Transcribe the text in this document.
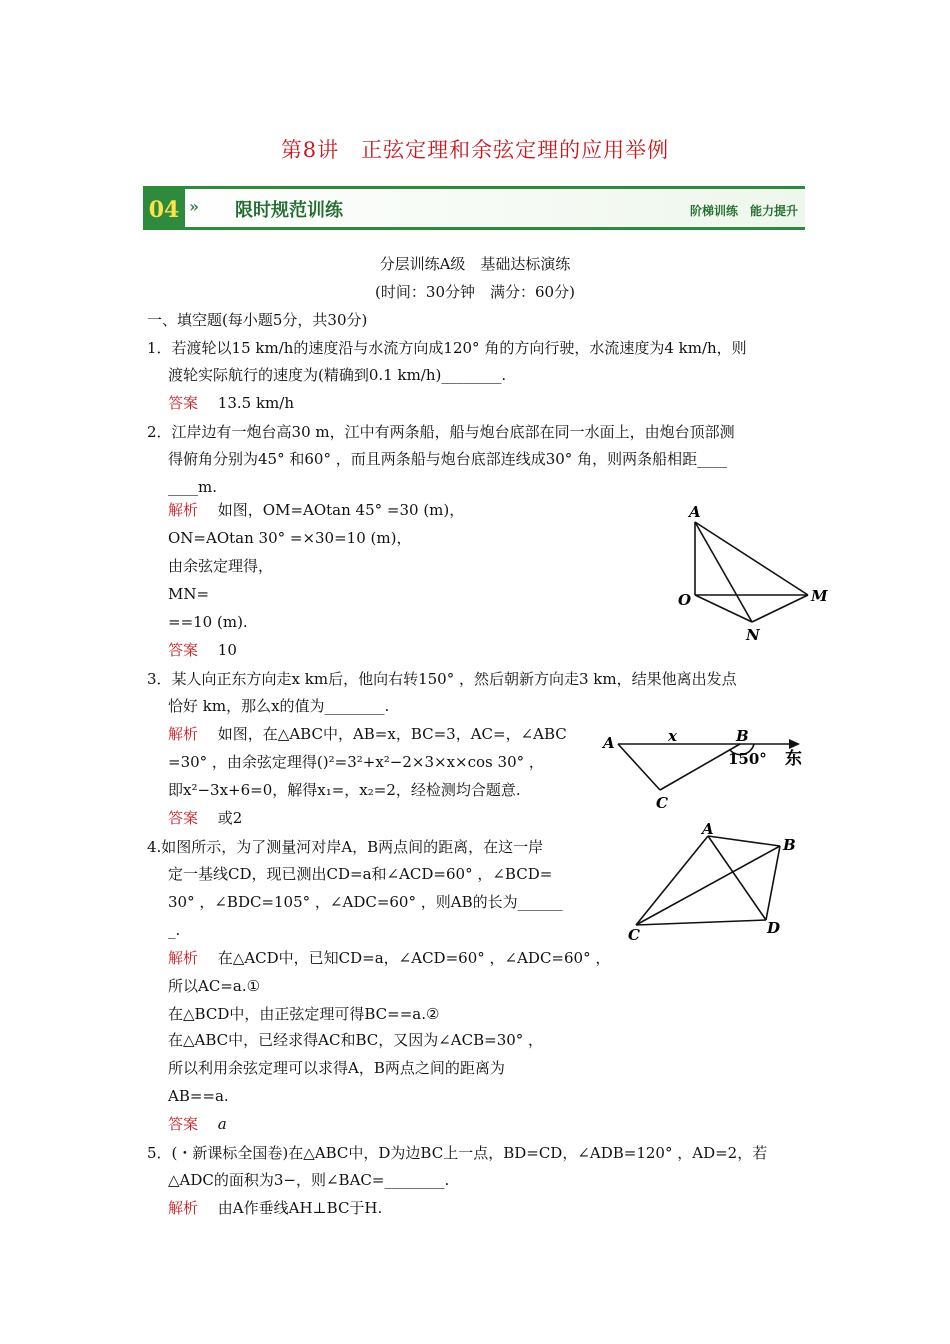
第8讲　正弦定理和余弦定理的应用举例
04 » 限时规范训练	阶梯训练　能力提升
分层训练A级　基础达标演练
(时间：30分钟　满分：60分)
一、填空题(每小题5分，共30分)
1．若渡轮以15 km/h的速度沿与水流方向成120° 角的方向行驶，水流速度为4 km/h，则
渡轮实际航行的速度为(精确到0.1 km/h)________.
答案　 13.5 km/h
2．江岸边有一炮台高30 m，江中有两条船，船与炮台底部在同一水面上，由炮台顶部测
得俯角分别为45° 和60° ，而且两条船与炮台底部连线成30° 角，则两条船相距____
____m.
解析　 如图，OM=AOtan 45° =30 (m)，
ON=AOtan 30° =×30=10 (m)，
由余弦定理得，
MN=
==10 (m).
答案　 10
A
O	M
N
3．某人向正东方向走x km后，他向右转150° ，然后朝新方向走3 km，结果他离出发点
恰好 km，那么x的值为________.
解析　 如图，在△ABC中，AB=x，BC=3，AC=，∠ABC
=30° ，由余弦定理得()²=3²+x²−2×3×x×cos 30° ，
即x²−3x+6=0，解得x₁=，x₂=2，经检测均合题意.
答案　 或2
A	x	B
150° 东
C
4.如图所示，为了测量河对岸A，B两点间的距离，在这一岸
定一基线CD，现已测出CD=a和∠ACD=60° ，∠BCD=
30° ，∠BDC=105° ，∠ADC=60° ，则AB的长为______
_.
解析　 在△ACD中，已知CD=a，∠ACD=60° ，∠ADC=60° ，
所以AC=a.①
在△BCD中，由正弦定理可得BC==a.②
在△ABC中，已经求得AC和BC，又因为∠ACB=30° ，
所以利用余弦定理可以求得A，B两点之间的距离为
AB==a.
答案　 a
A
B
C	D
5．(・新课标全国卷)在△ABC中，D为边BC上一点，BD=CD，∠ADB=120° ，AD=2，若
△ADC的面积为3−，则∠BAC=________.
解析　 由A作垂线AH⊥BC于H.
